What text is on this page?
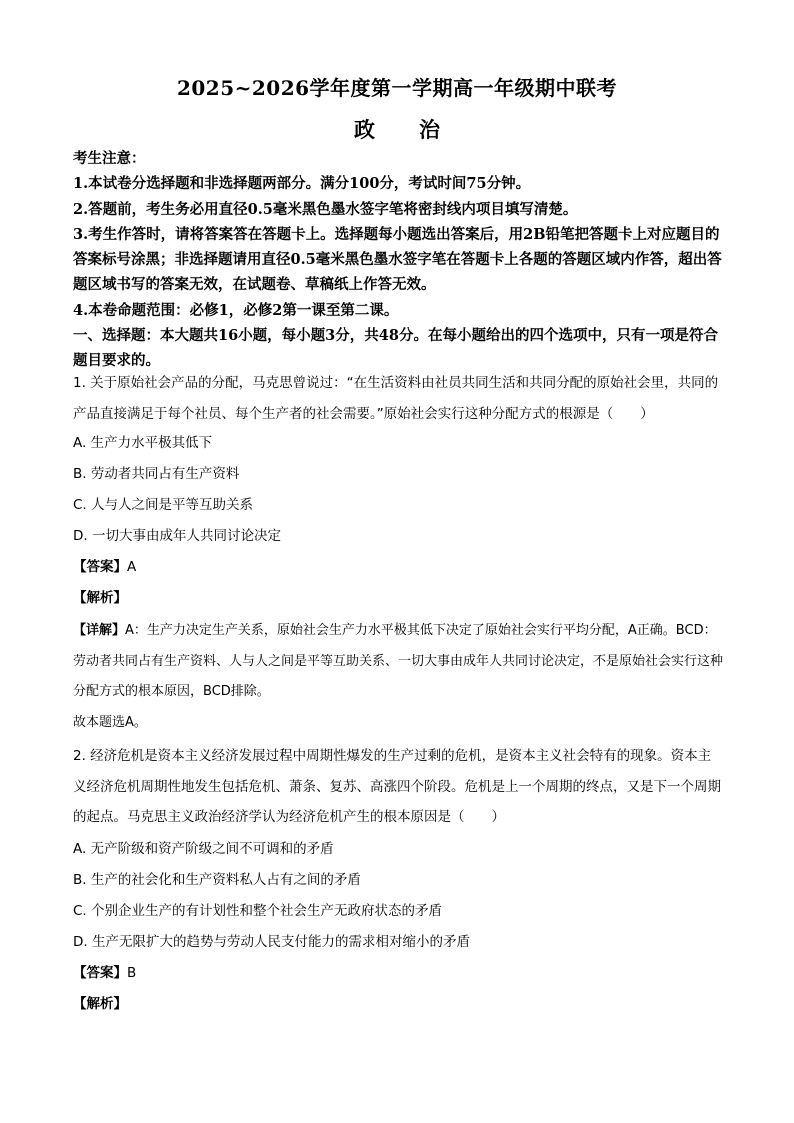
2025~2026学年度第一学期高一年级期中联考
政 治
考生注意：
1.本试卷分选择题和非选择题两部分。满分100分，考试时间75分钟。
2.答题前，考生务必用直径0.5毫米黑色墨水签字笔将密封线内项目填写清楚。
3.考生作答时，请将答案答在答题卡上。选择题每小题选出答案后，用2B铅笔把答题卡上对应题目的答案标号涂黑；非选择题请用直径0.5毫米黑色墨水签字笔在答题卡上各题的答题区域内作答，超出答题区域书写的答案无效，在试题卷、草稿纸上作答无效。
4.本卷命题范围：必修1，必修2第一课至第二课。
一、选择题：本大题共16小题，每小题3分，共48分。在每小题给出的四个选项中，只有一项是符合题目要求的。
1. 关于原始社会产品的分配，马克思曾说过：“在生活资料由社员共同生活和共同分配的原始社会里，共同的产品直接满足于每个社员、每个生产者的社会需要。”原始社会实行这种分配方式的根源是（　　）
A. 生产力水平极其低下
B. 劳动者共同占有生产资料
C. 人与人之间是平等互助关系
D. 一切大事由成年人共同讨论决定
【答案】A
【解析】
【详解】A：生产力决定生产关系，原始社会生产力水平极其低下决定了原始社会实行平均分配，A正确。BCD：劳动者共同占有生产资料、人与人之间是平等互助关系、一切大事由成年人共同讨论决定，不是原始社会实行这种分配方式的根本原因，BCD排除。
故本题选A。
2. 经济危机是资本主义经济发展过程中周期性爆发的生产过剩的危机，是资本主义社会特有的现象。资本主义经济危机周期性地发生包括危机、萧条、复苏、高涨四个阶段。危机是上一个周期的终点，又是下一个周期的起点。马克思主义政治经济学认为经济危机产生的根本原因是（　　）
A. 无产阶级和资产阶级之间不可调和的矛盾
B. 生产的社会化和生产资料私人占有之间的矛盾
C. 个别企业生产的有计划性和整个社会生产无政府状态的矛盾
D. 生产无限扩大的趋势与劳动人民支付能力的需求相对缩小的矛盾
【答案】B
【解析】
